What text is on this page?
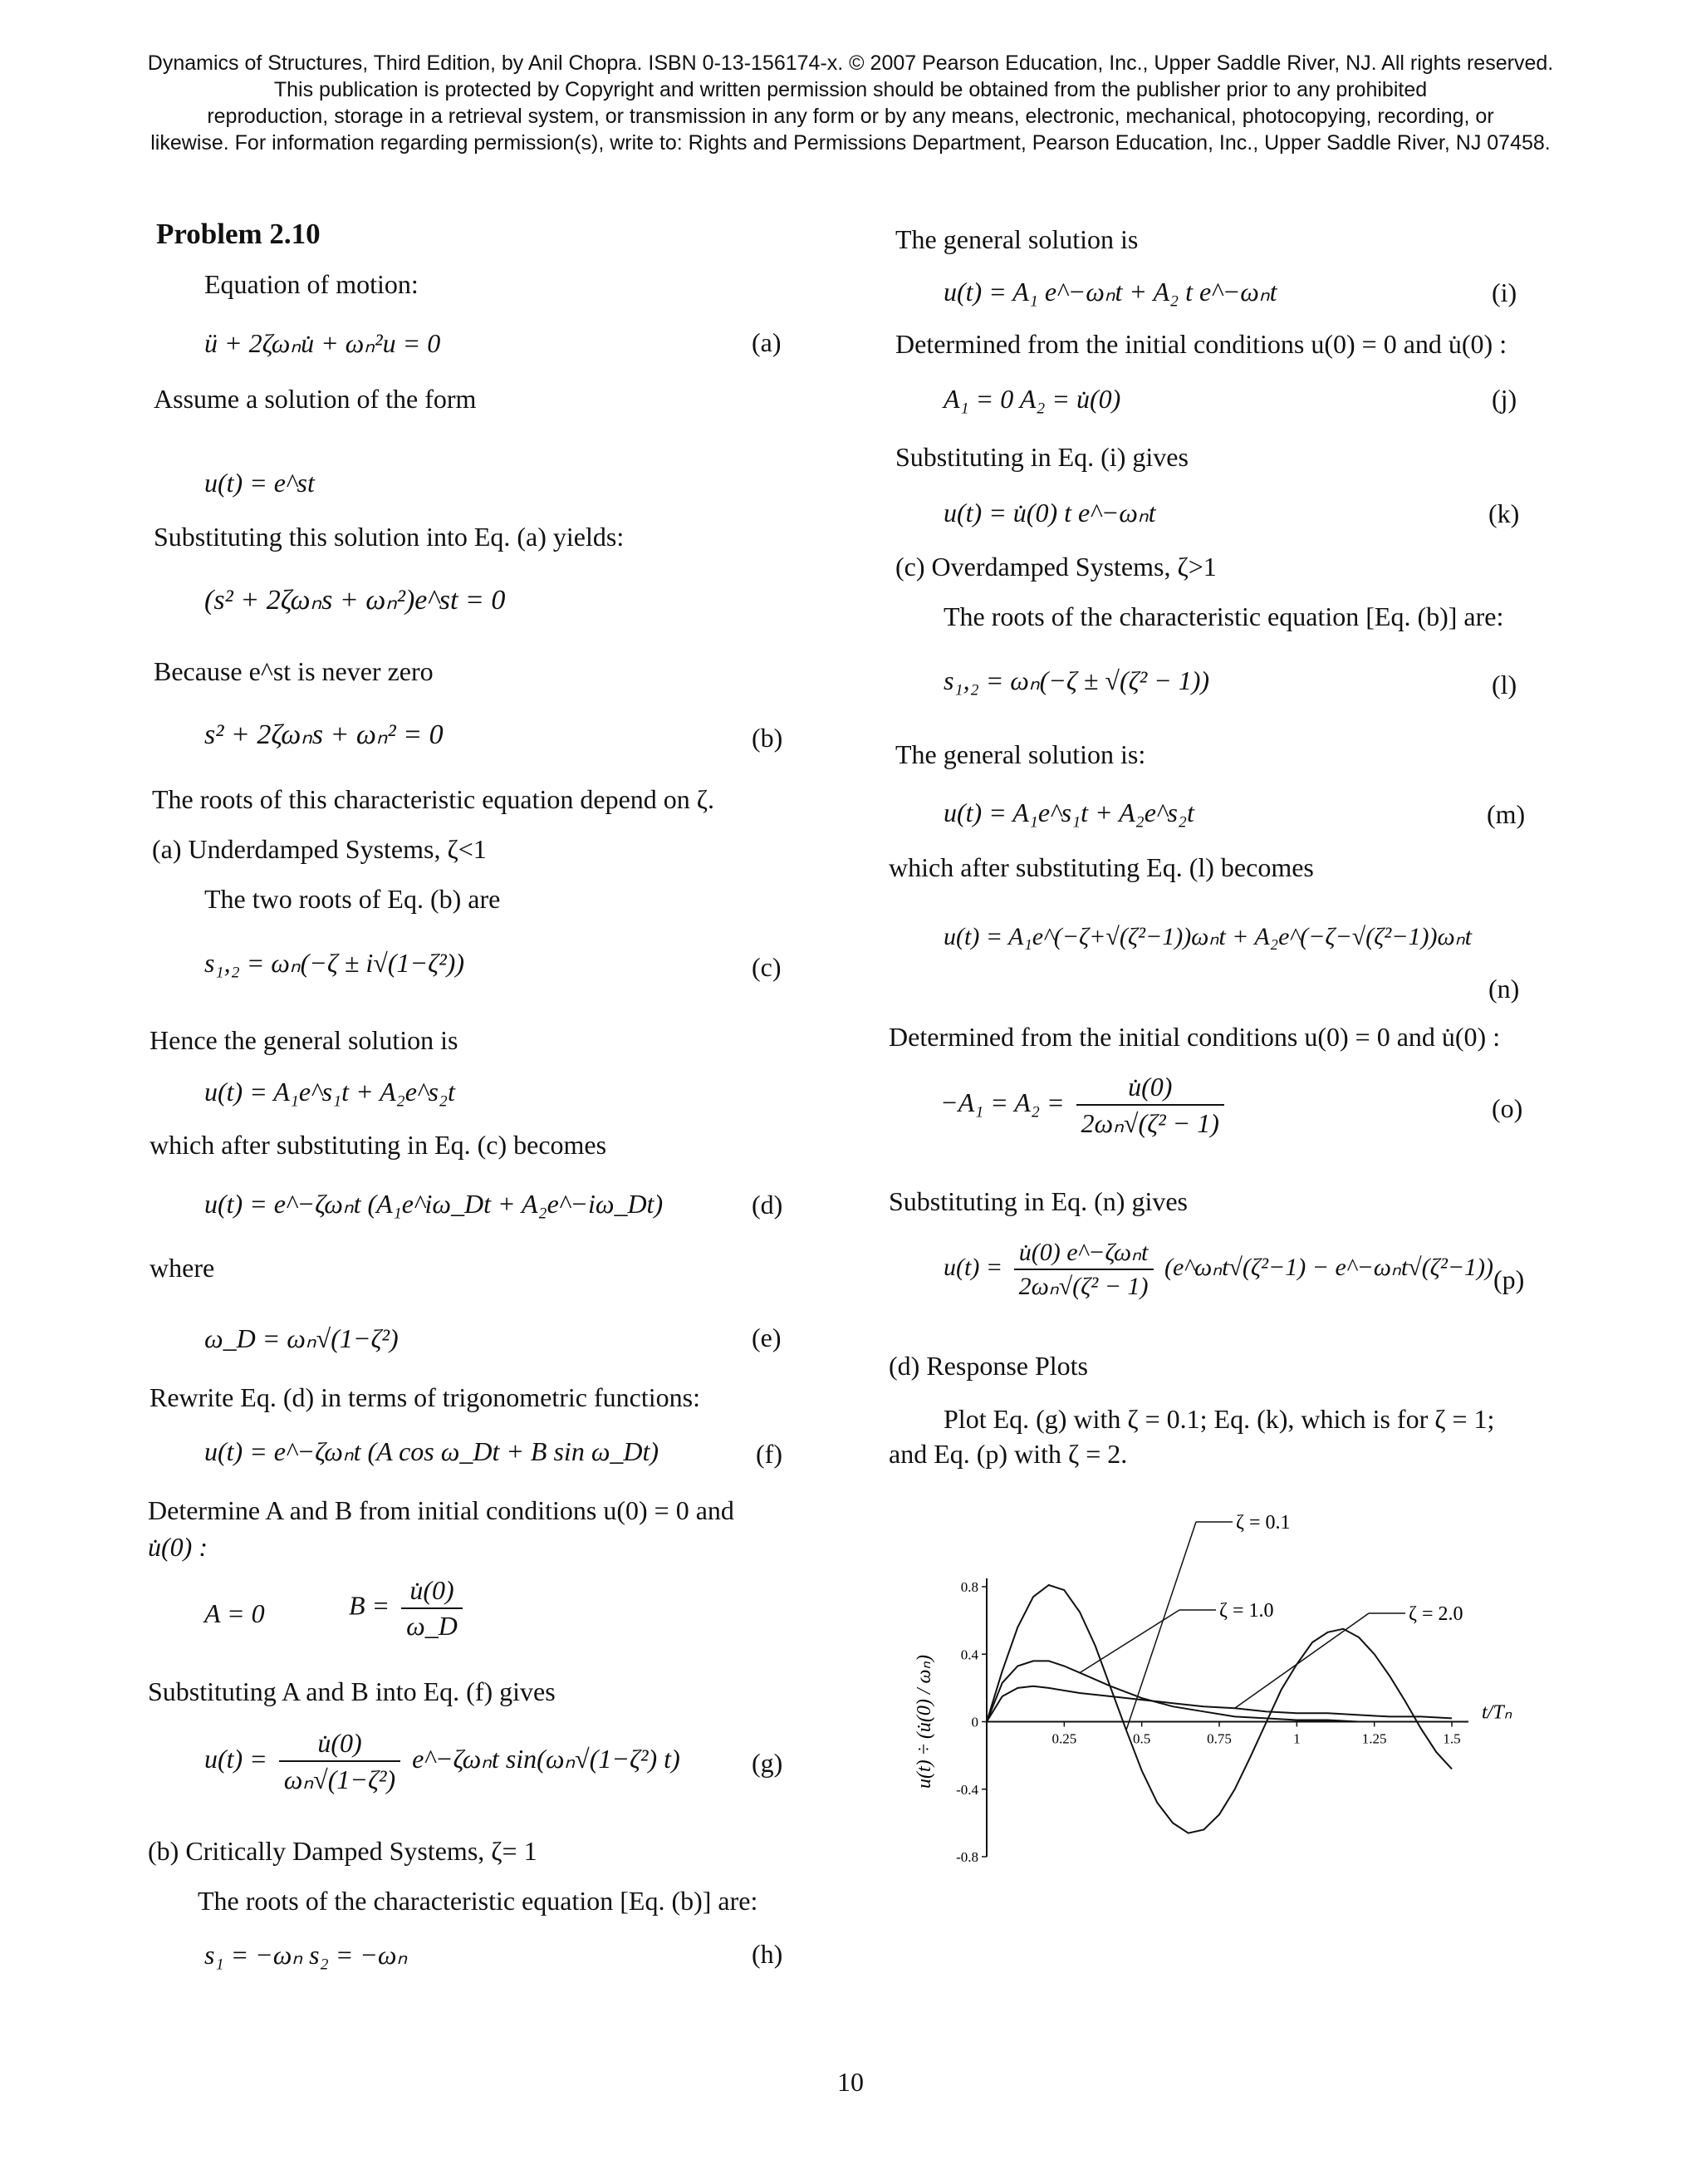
Dynamics of Structures, Third Edition, by Anil Chopra. ISBN 0-13-156174-x. © 2007 Pearson Education, Inc., Upper Saddle River, NJ. All rights reserved.
This publication is protected by Copyright and written permission should be obtained from the publisher prior to any prohibited
reproduction, storage in a retrieval system, or transmission in any form or by any means, electronic, mechanical, photocopying, recording, or
likewise. For information regarding permission(s), write to: Rights and Permissions Department, Pearson Education, Inc., Upper Saddle River, NJ 07458.
Problem 2.10
Equation of motion:
ü + 2ζωₙu̇ + ωₙ²u = 0	(a)
Assume a solution of the form
u(t) = e^st
Substituting this solution into Eq. (a) yields:
(s² + 2ζωₙs + ωₙ²)e^st = 0
Because e^st is never zero
s² + 2ζωₙs + ωₙ² = 0	(b)
The roots of this characteristic equation depend on ζ.
(a) Underdamped Systems, ζ<1
The two roots of Eq. (b) are
s₁,₂ = ωₙ(−ζ ± i√(1−ζ²))	(c)
Hence the general solution is
u(t) = A₁e^s₁t + A₂e^s₂t
which after substituting in Eq. (c) becomes
u(t) = e^−ζωₙt (A₁e^iω_Dt + A₂e^−iω_Dt)	(d)
where
ω_D = ωₙ√(1−ζ²)	(e)
Rewrite Eq. (d) in terms of trigonometric functions:
u(t) = e^−ζωₙt (A cos ω_Dt + B sin ω_Dt)	(f)
Determine A and B from initial conditions u(0) = 0 and
u̇(0) :
A = 0	$B = \frac{u̇(0)}{\omega\_D}$
Substituting A and B into Eq. (f) gives
$u(t) = \frac{u̇(0)}{\text{ωₙ√(1−ζ²)}}$ e^−ζωₙt sin(ωₙ√(1−ζ²) t)	(g)
(b) Critically Damped Systems, ζ= 1
The roots of the characteristic equation [Eq. (b)] are:
s₁ = −ωₙ s₂ = −ωₙ	(h)
The general solution is
u(t) = A₁ e^−ωₙt + A₂ t e^−ωₙt	(i)
Determined from the initial conditions u(0) = 0 and u̇(0) :
A₁ = 0 A₂ = u̇(0)	(j)
Substituting in Eq. (i) gives
u(t) = u̇(0) t e^−ωₙt	(k)
(c) Overdamped Systems, ζ>1
The roots of the characteristic equation [Eq. (b)] are:
s₁,₂ = ωₙ(−ζ ± √(ζ² − 1))	(l)
The general solution is:
u(t) = A₁e^s₁t + A₂e^s₂t	(m)
which after substituting Eq. (l) becomes
u(t) = A₁e^(−ζ+√(ζ²−1))ωₙt + A₂e^(−ζ−√(ζ²−1))ωₙt
(n)
Determined from the initial conditions u(0) = 0 and u̇(0) :
$-A_1 = A_2 = \frac{u̇(0)}{\text{2ωₙ√(ζ² − 1)}}$	(o)
Substituting in Eq. (n) gives
$u(t) = \frac{\text{u̇(0) e\textasciicircum{}−ζωₙt}}{\text{2ωₙ√(ζ² − 1)}}$ (e^ωₙt√(ζ²−1) − e^−ωₙt√(ζ²−1)) (p)
(d) Response Plots
Plot Eq. (g) with ζ = 0.1; Eq. (k), which is for ζ = 1;
and Eq. (p) with ζ = 2.
0.8
0.4
0
-0.4
-0.8
0.25	0.5	0.75	1	1.25	1.5
t/Tₙ
u(t) ÷ (u̇(0) / ωₙ)
ζ = 0.1
ζ = 1.0	ζ = 2.0
10
